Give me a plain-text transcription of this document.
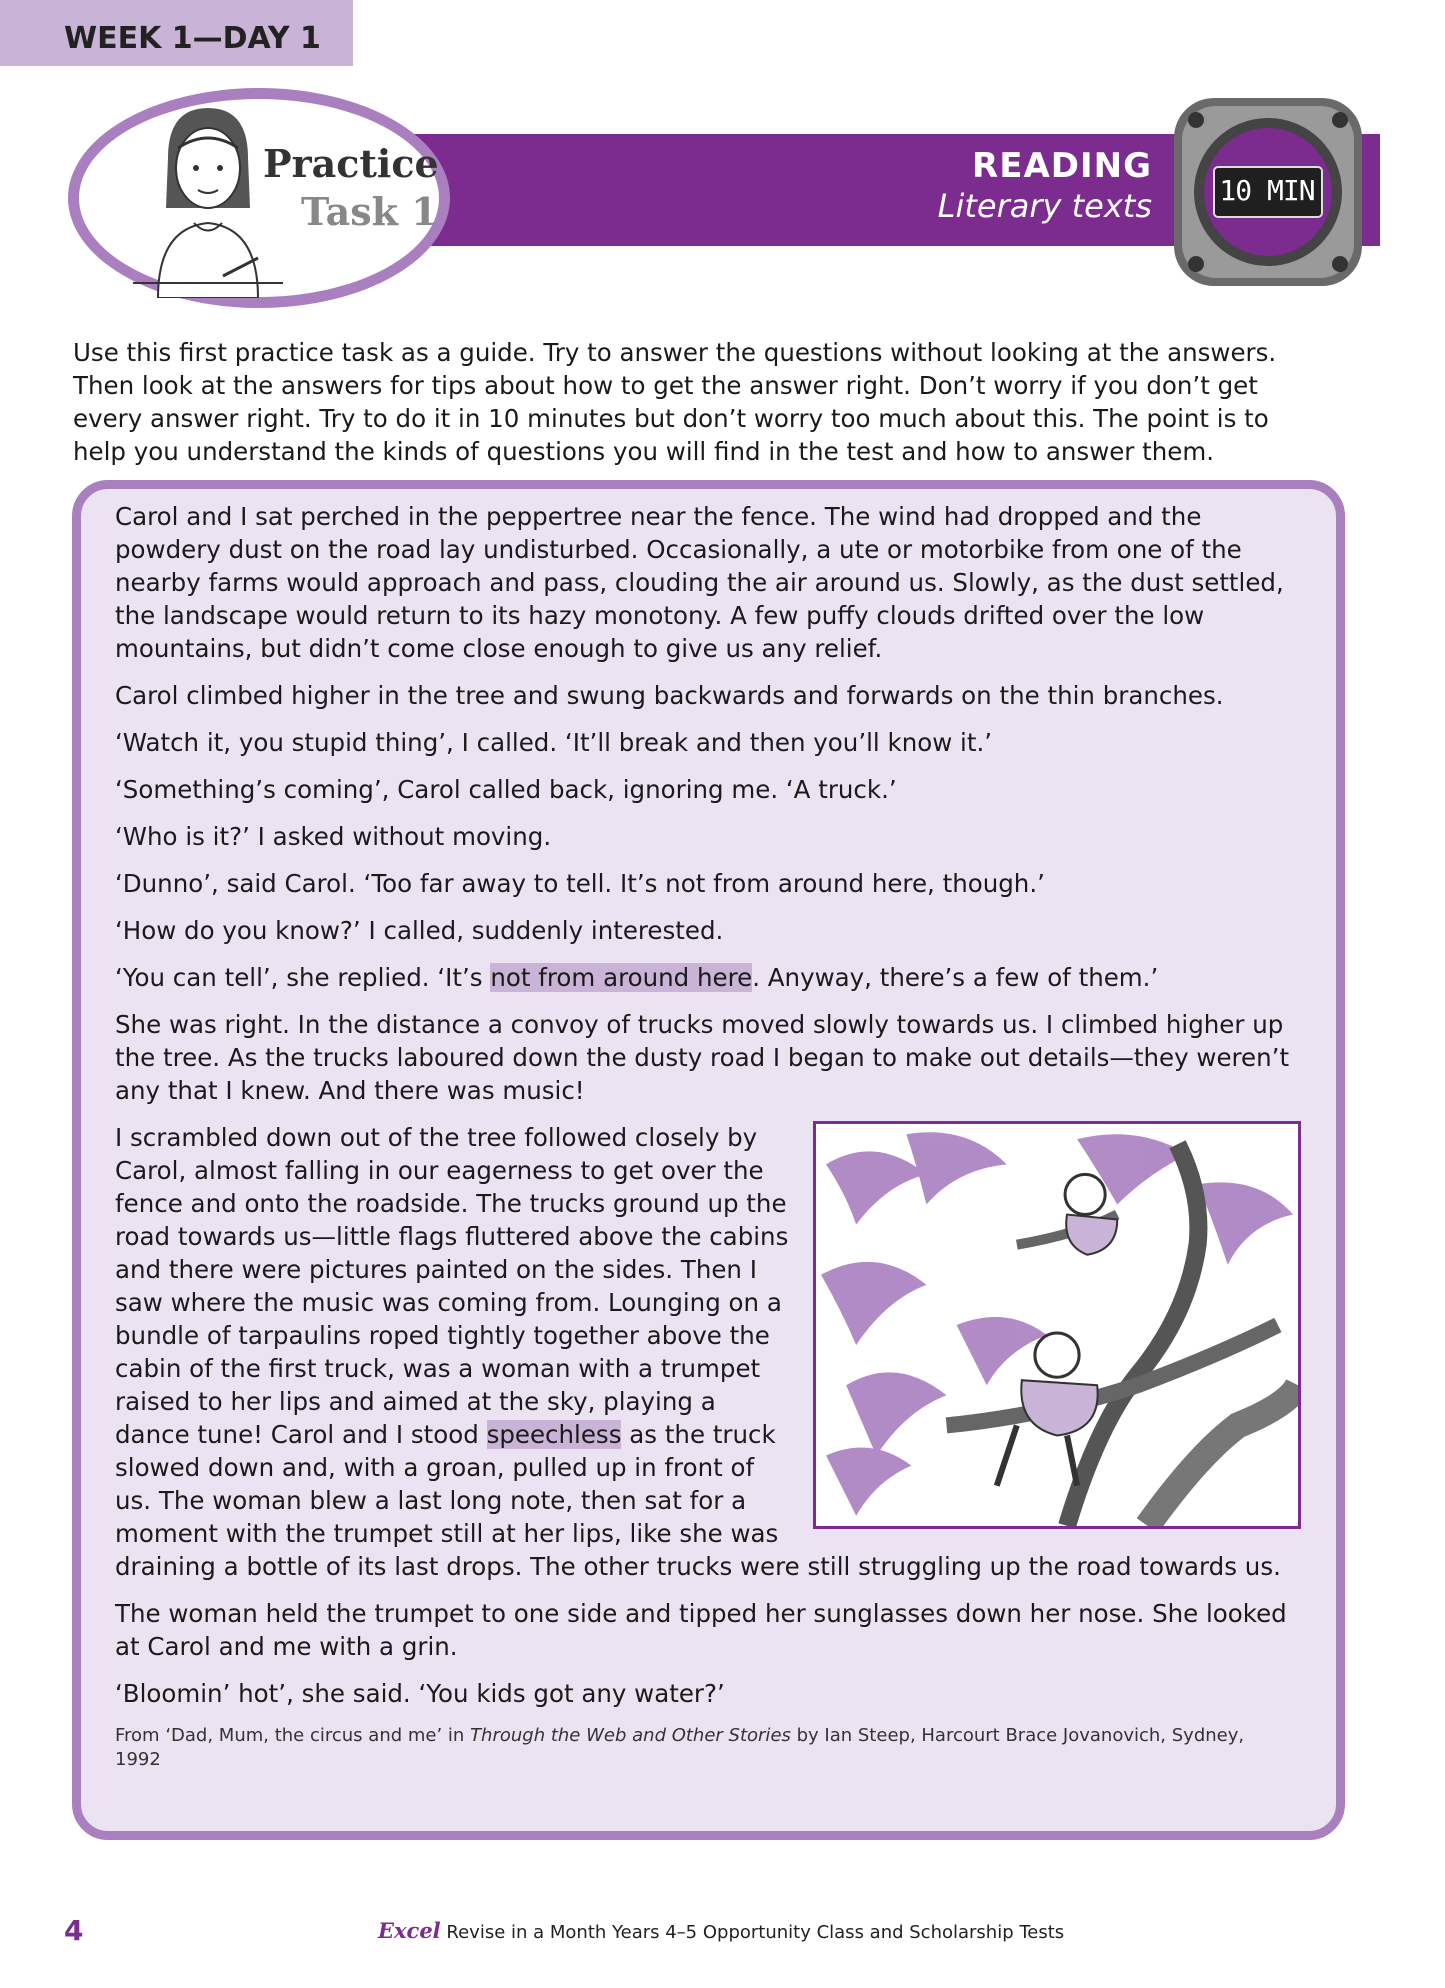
WEEK 1—DAY 1
READING
Literary texts
Practice
Task 1	10 MIN
Use this first practice task as a guide. Try to answer the questions without looking at the answers. Then look at the answers for tips about how to get the answer right. Don’t worry if you don’t get every answer right. Try to do it in 10 minutes but don’t worry too much about this. The point is to help you understand the kinds of questions you will find in the test and how to answer them.

Carol and I sat perched in the peppertree near the fence. The wind had dropped and the powdery dust on the road lay undisturbed. Occasionally, a ute or motorbike from one of the nearby farms would approach and pass, clouding the air around us. Slowly, as the dust settled, the landscape would return to its hazy monotony. A few puffy clouds drifted over the low mountains, but didn’t come close enough to give us any relief.

Carol climbed higher in the tree and swung backwards and forwards on the thin branches.

‘Watch it, you stupid thing’, I called. ‘It’ll break and then you’ll know it.’

‘Something’s coming’, Carol called back, ignoring me. ‘A truck.’

‘Who is it?’ I asked without moving.

‘Dunno’, said Carol. ‘Too far away to tell. It’s not from around here, though.’

‘How do you know?’ I called, suddenly interested.

‘You can tell’, she replied. ‘It’s not from around here. Anyway, there’s a few of them.’

She was right. In the distance a convoy of trucks moved slowly towards us. I climbed higher up the tree. As the trucks laboured down the dusty road I began to make out details—they weren’t any that I knew. And there was music!

I scrambled down out of the tree followed closely by Carol, almost falling in our eagerness to get over the fence and onto the roadside. The trucks ground up the road towards us—little flags fluttered above the cabins and there were pictures painted on the sides. Then I saw where the music was coming from. Lounging on a bundle of tarpaulins roped tightly together above the cabin of the first truck, was a woman with a trumpet raised to her lips and aimed at the sky, playing a dance tune! Carol and I stood speechless as the truck slowed down and, with a groan, pulled up in front of us. The woman blew a last long note, then sat for a moment with the trumpet still at her lips, like she was draining a bottle of its last drops. The other trucks were still struggling up the road towards us.

The woman held the trumpet to one side and tipped her sunglasses down her nose. She looked at Carol and me with a grin.

‘Bloomin’ hot’, she said. ‘You kids got any water?’

From ‘Dad, Mum, the circus and me’ in Through the Web and Other Stories by Ian Steep, Harcourt Brace Jovanovich, Sydney, 1992
4	Excel Revise in a Month Years 4–5 Opportunity Class and Scholarship Tests
